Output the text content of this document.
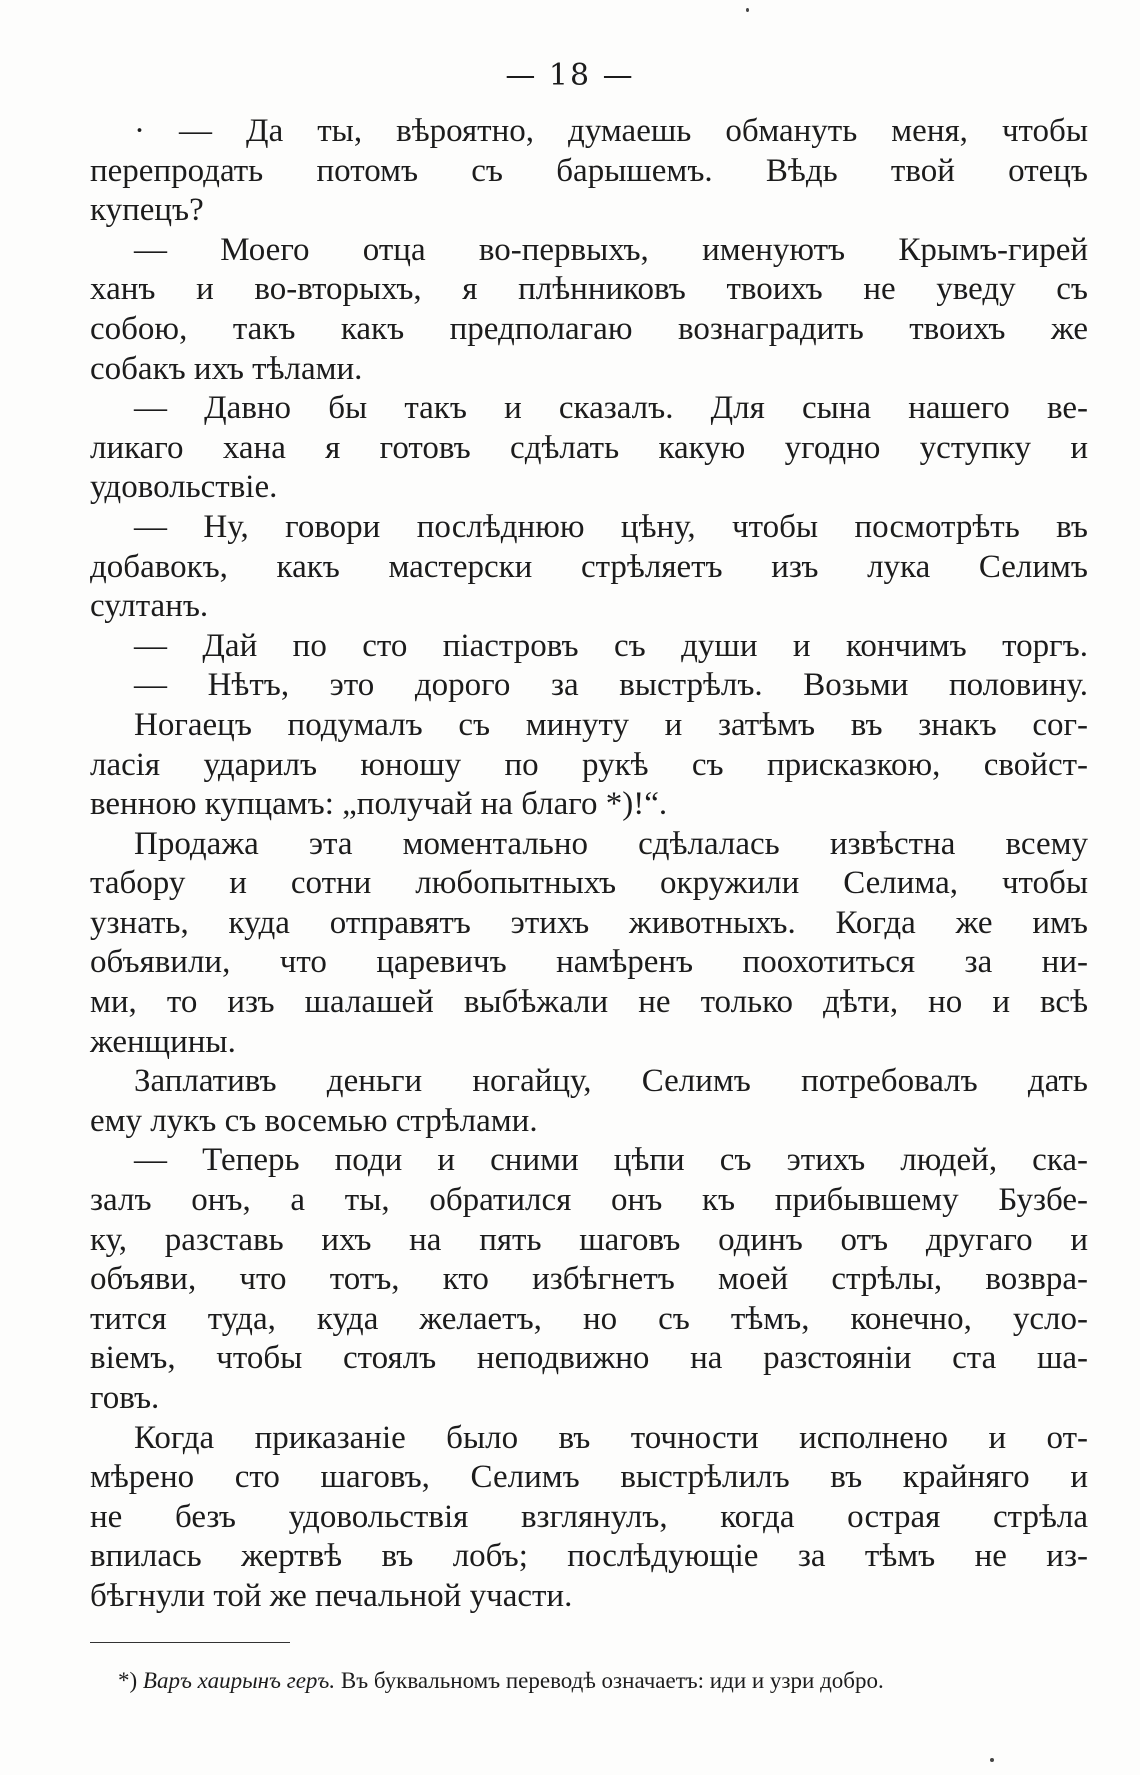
— 18 —
· — Да ты, вѣроятно, думаешь обмануть меня, чтобы
перепродать потомъ съ барышемъ. Вѣдь твой отецъ
купецъ?
— Моего отца во-первыхъ, именуютъ Крымъ-гирей
ханъ и во-вторыхъ, я плѣнниковъ твоихъ не уведу съ
собою, такъ какъ предполагаю вознаградить твоихъ же
собакъ ихъ тѣлами.
— Давно бы такъ и сказалъ. Для сына нашего ве-
ликаго хана я готовъ сдѣлать какую угодно уступку и
удовольствіе.
— Ну, говори послѣднюю цѣну, чтобы посмотрѣть въ
добавокъ, какъ мастерски стрѣляетъ изъ лука Селимъ
султанъ.
— Дай по сто піастровъ съ души и кончимъ торгъ.
— Нѣтъ, это дорого за выстрѣлъ. Возьми половину.
Ногаецъ подумалъ съ минуту и затѣмъ въ знакъ сог-
ласія ударилъ юношу по рукѣ съ присказкою, свойст-
венною купцамъ: „получай на благо *)!“.
Продажа эта моментально сдѣлалась извѣстна всему
табору и сотни любопытныхъ окружили Селима, чтобы
узнать, куда отправятъ этихъ животныхъ. Когда же имъ
объявили, что царевичъ намѣренъ поохотиться за ни-
ми, то изъ шалашей выбѣжали не только дѣти, но и всѣ
женщины.
Заплативъ деньги ногайцу, Селимъ потребовалъ дать
ему лукъ съ восемью стрѣлами.
— Теперь поди и сними цѣпи съ этихъ людей, ска-
залъ онъ, а ты, обратился онъ къ прибывшему Бузбе-
ку, разставь ихъ на пять шаговъ одинъ отъ другаго и
объяви, что тотъ, кто избѣгнетъ моей стрѣлы, возвра-
тится туда, куда желаетъ, но съ тѣмъ, конечно, усло-
віемъ, чтобы стоялъ неподвижно на разстояніи ста ша-
говъ.
Когда приказаніе было въ точности исполнено и от-
мѣрено сто шаговъ, Селимъ выстрѣлилъ въ крайняго и
не безъ удовольствія взглянулъ, когда острая стрѣла
впилась жертвѣ въ лобъ; послѣдующіе за тѣмъ не из-
бѣгнули той же печальной участи.
*) Варъ хаирынъ геръ. Въ буквальномъ переводѣ означаетъ: иди и узри добро.
